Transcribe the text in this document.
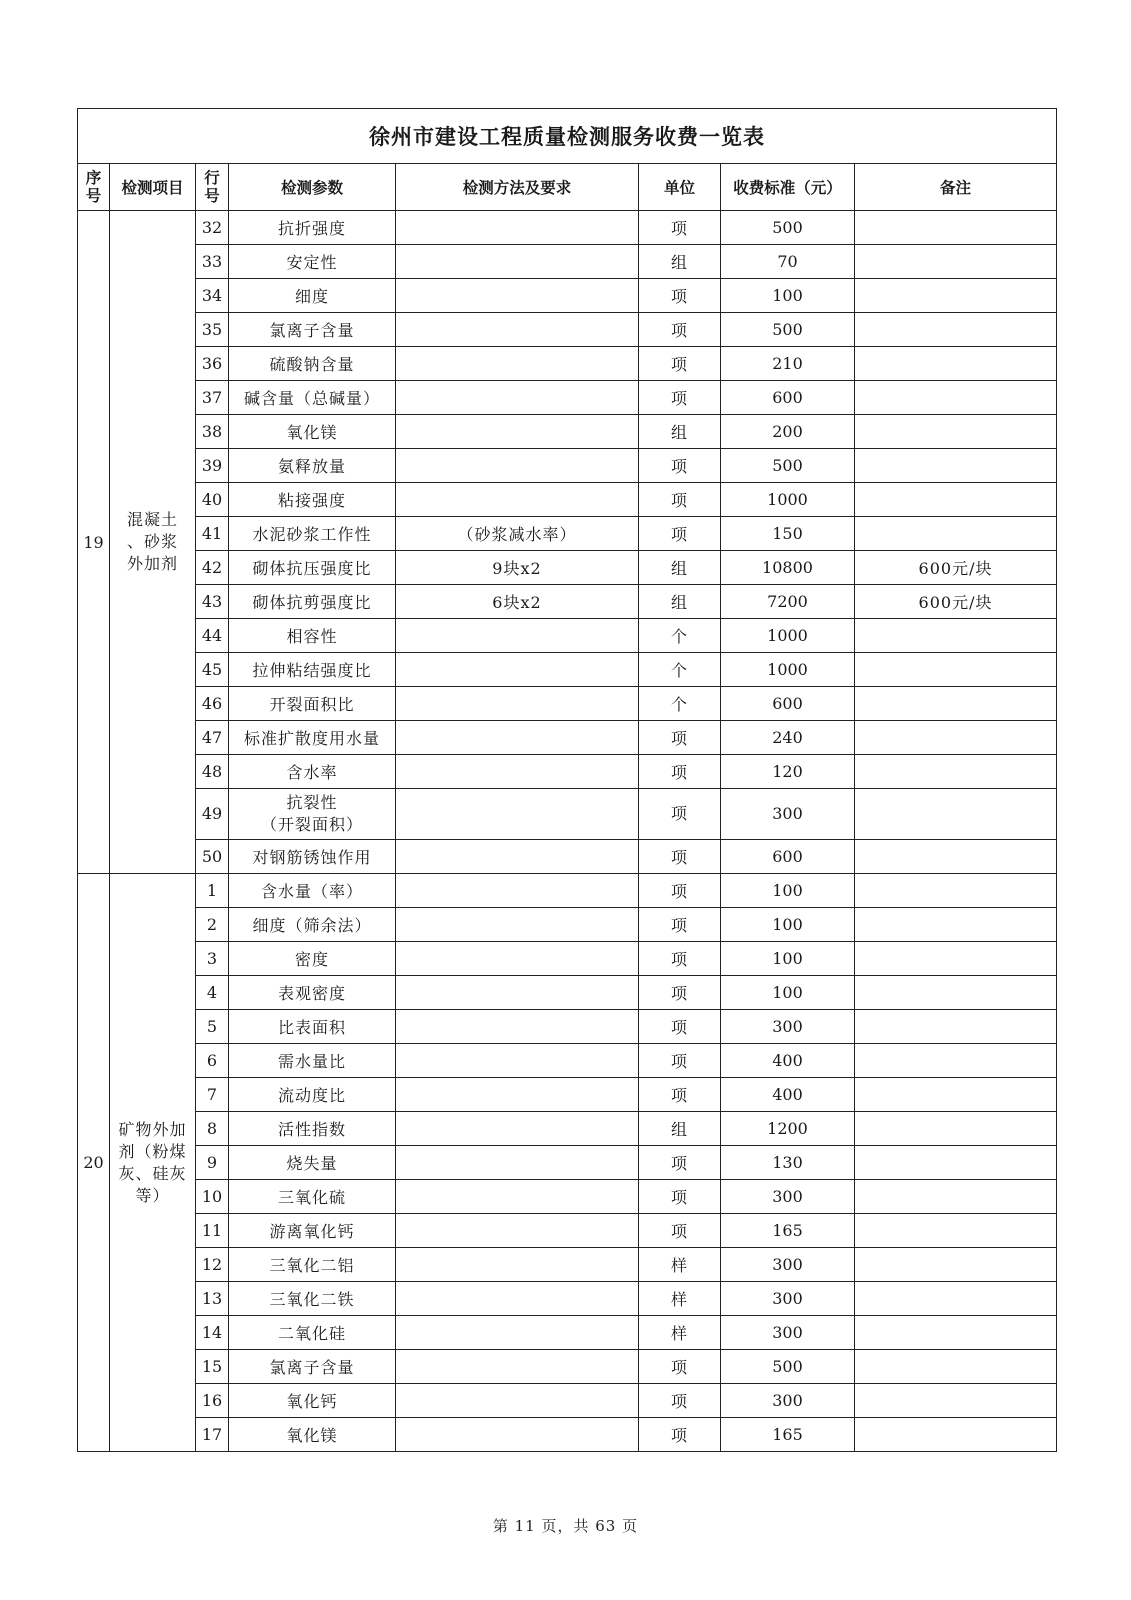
徐州市建设工程质量检测服务收费一览表							
序
号	检测项目	行
号	检测参数	检测方法及要求	单位	收费标准（元）	备注
19	混凝土
、砂浆
外加剂	32	抗折强度		项	500	
		33	安定性		组	70	
		34	细度		项	100	
		35	氯离子含量		项	500	
		36	硫酸钠含量		项	210	
		37	碱含量（总碱量）		项	600	
		38	氧化镁		组	200	
		39	氨释放量		项	500	
		40	粘接强度		项	1000	
		41	水泥砂浆工作性	（砂浆减水率）	项	150	
		42	砌体抗压强度比	9块x2	组	10800	600元/块
		43	砌体抗剪强度比	6块x2	组	7200	600元/块
		44	相容性		个	1000	
		45	拉伸粘结强度比		个	1000	
		46	开裂面积比		个	600	
		47	标准扩散度用水量		项	240	
		48	含水率		项	120	
		49	抗裂性
（开裂面积）		项	300	
		50	对钢筋锈蚀作用		项	600	
20	矿物外加
剂（粉煤
灰、硅灰
等）	1	含水量（率）		项	100	
		2	细度（筛余法）		项	100	
		3	密度		项	100	
		4	表观密度		项	100	
		5	比表面积		项	300	
		6	需水量比		项	400	
		7	流动度比		项	400	
		8	活性指数		组	1200	
		9	烧失量		项	130	
		10	三氧化硫		项	300	
		11	游离氧化钙		项	165	
		12	三氧化二铝		样	300	
		13	三氧化二铁		样	300	
		14	二氧化硅		样	300	
		15	氯离子含量		项	500	
		16	氧化钙		项	300	
		17	氧化镁		项	165	
第 11 页，共 63 页
